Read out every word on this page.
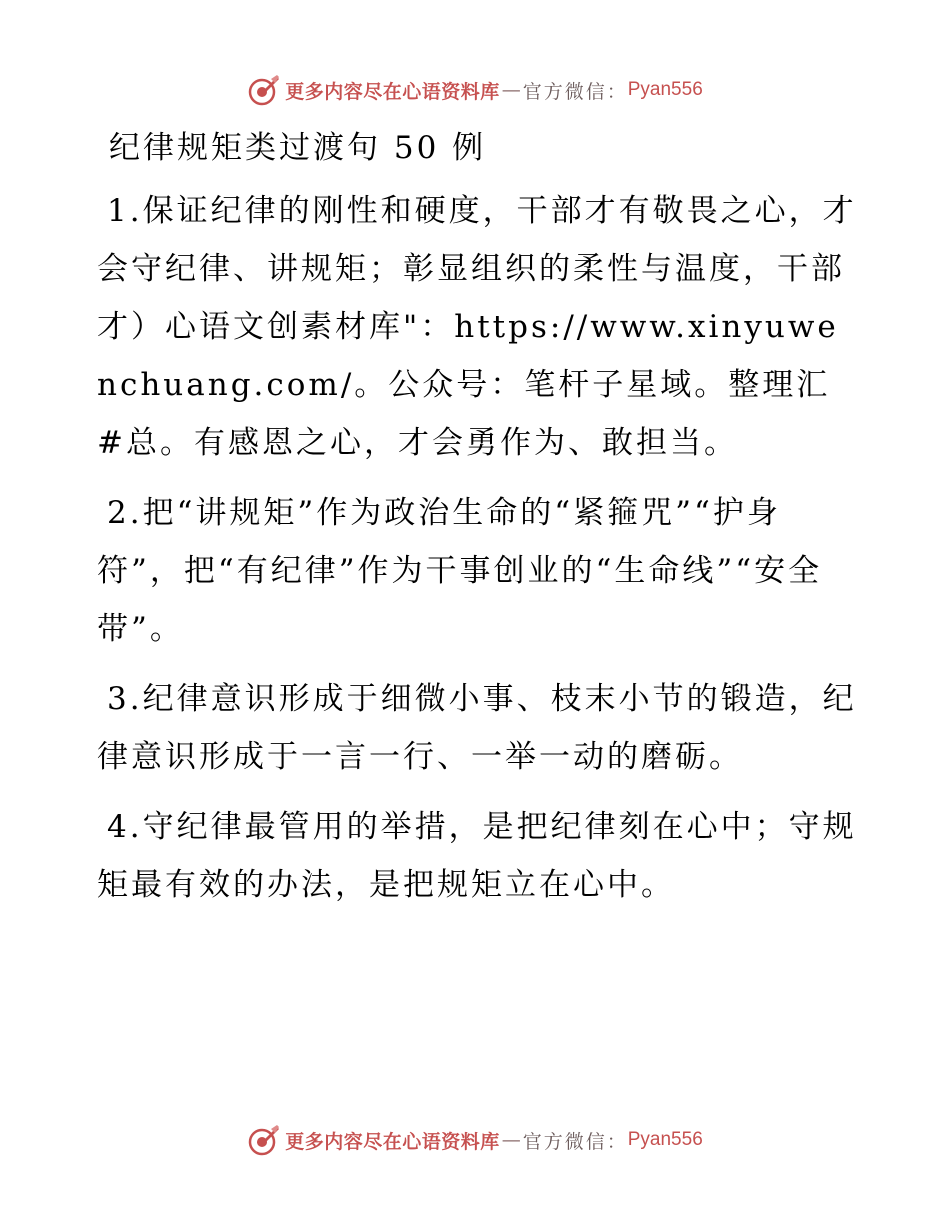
更多内容尽在心语资料库 — 官方微信： Pyan556
纪律规矩类过渡句 50 例

1.保证纪律的刚性和硬度，干部才有敬畏之心，才会守纪律、讲规矩；彰显组织的柔性与温度，干部才）心语文创素材库"：https://www.xinyuwenchuang.com/。公众号：笔杆子星域。整理汇#总。有感恩之心，才会勇作为、敢担当。

2.把“讲规矩”作为政治生命的“紧箍咒”“护身符”，把“有纪律”作为干事创业的“生命线”“安全带”。

3.纪律意识形成于细微小事、枝末小节的锻造，纪律意识形成于一言一行、一举一动的磨砺。

4.守纪律最管用的举措，是把纪律刻在心中；守规矩最有效的办法，是把规矩立在心中。

更多内容尽在心语资料库 — 官方微信： Pyan556
